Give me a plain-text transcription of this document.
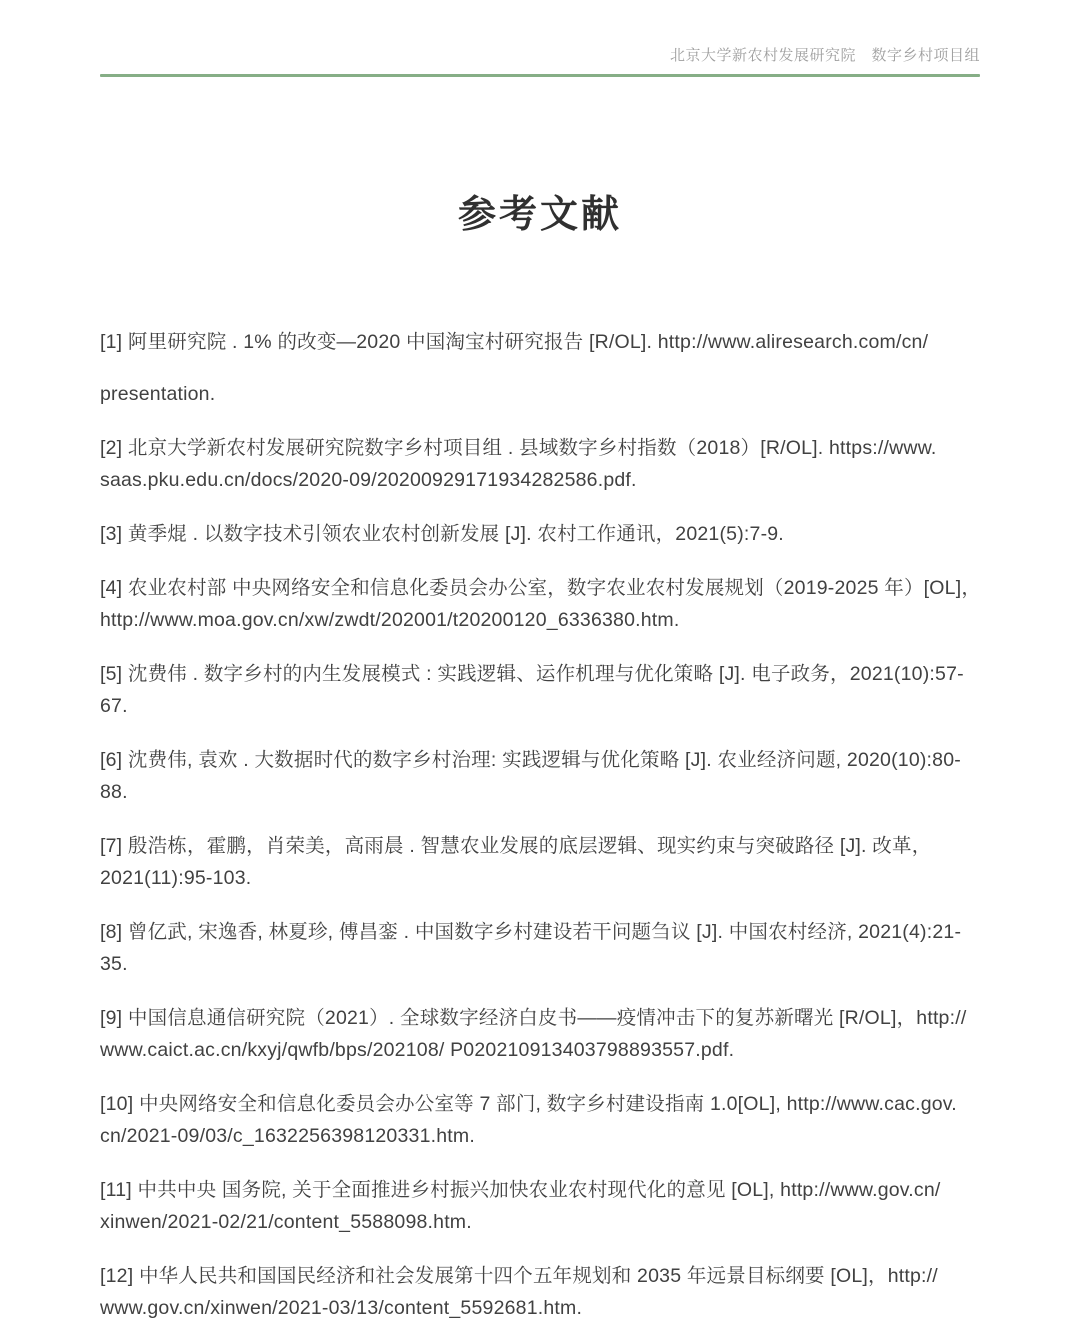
北京大学新农村发展研究院　数字乡村项目组
参考文献

[1] 阿里研究院 . 1% 的改变—2020 中国淘宝村研究报告 [R/OL]. http://www.aliresearch.com/cn/

presentation.

[2] 北京大学新农村发展研究院数字乡村项目组 . 县域数字乡村指数（2018）[R/OL]. https://www.

saas.pku.edu.cn/docs/2020-09/20200929171934282586.pdf.

[3] 黄季焜 . 以数字技术引领农业农村创新发展 [J]. 农村工作通讯，2021(5):7-9.

[4] 农业农村部 中央网络安全和信息化委员会办公室，数字农业农村发展规划（2019-2025 年）[OL]，

http://www.moa.gov.cn/xw/zwdt/202001/t20200120_6336380.htm.

[5] 沈费伟 . 数字乡村的内生发展模式 : 实践逻辑、运作机理与优化策略 [J]. 电子政务，2021(10):57-

67.

[6] 沈费伟, 袁欢 . 大数据时代的数字乡村治理: 实践逻辑与优化策略 [J]. 农业经济问题, 2020(10):80-

88.

[7] 殷浩栋，霍鹏，肖荣美，高雨晨 . 智慧农业发展的底层逻辑、现实约束与突破路径 [J]. 改革，

2021(11):95-103.

[8] 曾亿武, 宋逸香, 林夏珍, 傅昌銮 . 中国数字乡村建设若干问题刍议 [J]. 中国农村经济, 2021(4):21-

35.

[9] 中国信息通信研究院（2021）. 全球数字经济白皮书——疫情冲击下的复苏新曙光 [R/OL]，http://

www.caict.ac.cn/kxyj/qwfb/bps/202108/ P020210913403798893557.pdf.

[10] 中央网络安全和信息化委员会办公室等 7 部门, 数字乡村建设指南 1.0[OL], http://www.cac.gov.

cn/2021-09/03/c_1632256398120331.htm.

[11] 中共中央 国务院, 关于全面推进乡村振兴加快农业农村现代化的意见 [OL], http://www.gov.cn/

xinwen/2021-02/21/content_5588098.htm.

[12] 中华人民共和国国民经济和社会发展第十四个五年规划和 2035 年远景目标纲要 [OL]，http://

www.gov.cn/xinwen/2021-03/13/content_5592681.htm.
